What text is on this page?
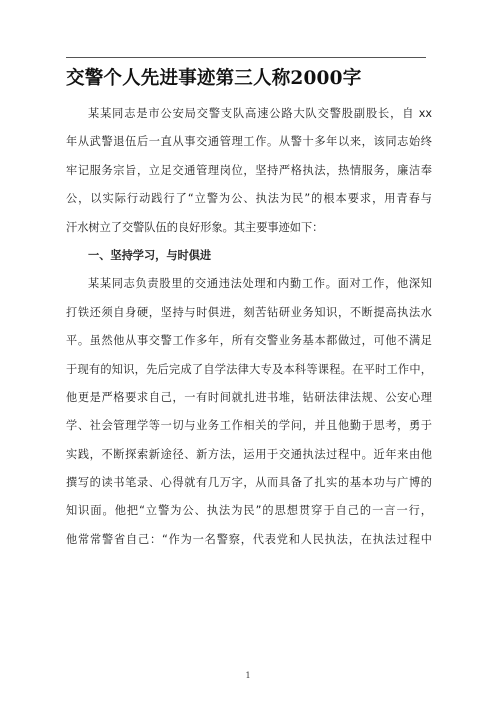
交警个人先进事迹第三人称2000字
某某同志是市公安局交警支队高速公路大队交警股副股长，自 xx
年从武警退伍后一直从事交通管理工作。从警十多年以来，该同志始终
牢记服务宗旨，立足交通管理岗位，坚持严格执法，热情服务，廉洁奉
公，以实际行动践行了“立警为公、执法为民”的根本要求，用青春与
汗水树立了交警队伍的良好形象。其主要事迹如下：
一、坚持学习，与时俱进
某某同志负责股里的交通违法处理和内勤工作。面对工作，他深知
打铁还须自身硬，坚持与时俱进，刻苦钻研业务知识，不断提高执法水
平。虽然他从事交警工作多年，所有交警业务基本都做过，可他不满足
于现有的知识，先后完成了自学法律大专及本科等课程。在平时工作中，
他更是严格要求自己，一有时间就扎进书堆，钻研法律法规、公安心理
学、社会管理学等一切与业务工作相关的学问，并且他勤于思考，勇于
实践，不断探索新途径、新方法，运用于交通执法过程中。近年来由他
撰写的读书笔录、心得就有几万字，从而具备了扎实的基本功与广博的
知识面。他把“立警为公、执法为民”的思想贯穿于自己的一言一行，
他常常警省自己：“作为一名警察，代表党和人民执法，在执法过程中
1
